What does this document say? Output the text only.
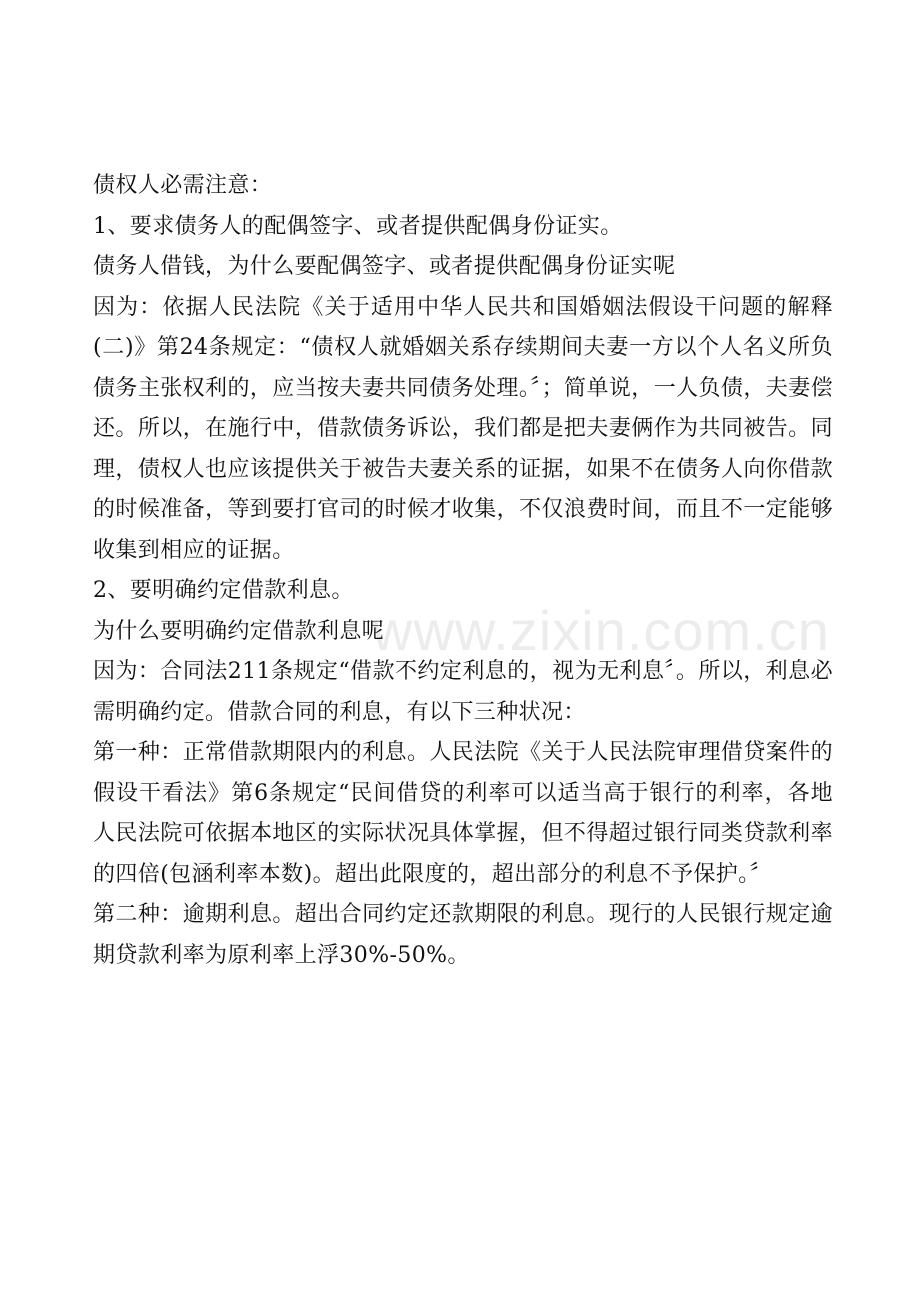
www.zixin.com.cn

债权人必需注意：

1、要求债务人的配偶签字、或者提供配偶身份证实。

债务人借钱，为什么要配偶签字、或者提供配偶身份证实呢

因为：依据人民法院《关于适用中华人民共和国婚姻法假设干问题的解释(二)》第24条规定：“债权人就婚姻关系存续期间夫妻一方以个人名义所负债务主张权利的，应当按夫妻共同债务处理。〞；简单说，一人负债，夫妻偿还。所以，在施行中，借款债务诉讼，我们都是把夫妻俩作为共同被告。同理，债权人也应该提供关于被告夫妻关系的证据，如果不在债务人向你借款的时候准备，等到要打官司的时候才收集，不仅浪费时间，而且不一定能够收集到相应的证据。

2、要明确约定借款利息。

为什么要明确约定借款利息呢

因为：合同法211条规定“借款不约定利息的，视为无利息〞。所以，利息必需明确约定。借款合同的利息，有以下三种状况：

第一种：正常借款期限内的利息。人民法院《关于人民法院审理借贷案件的假设干看法》第6条规定“民间借贷的利率可以适当高于银行的利率，各地人民法院可依据本地区的实际状况具体掌握，但不得超过银行同类贷款利率的四倍(包涵利率本数)。超出此限度的，超出部分的利息不予保护。〞

第二种：逾期利息。超出合同约定还款期限的利息。现行的人民银行规定逾期贷款利率为原利率上浮30%-50%。
